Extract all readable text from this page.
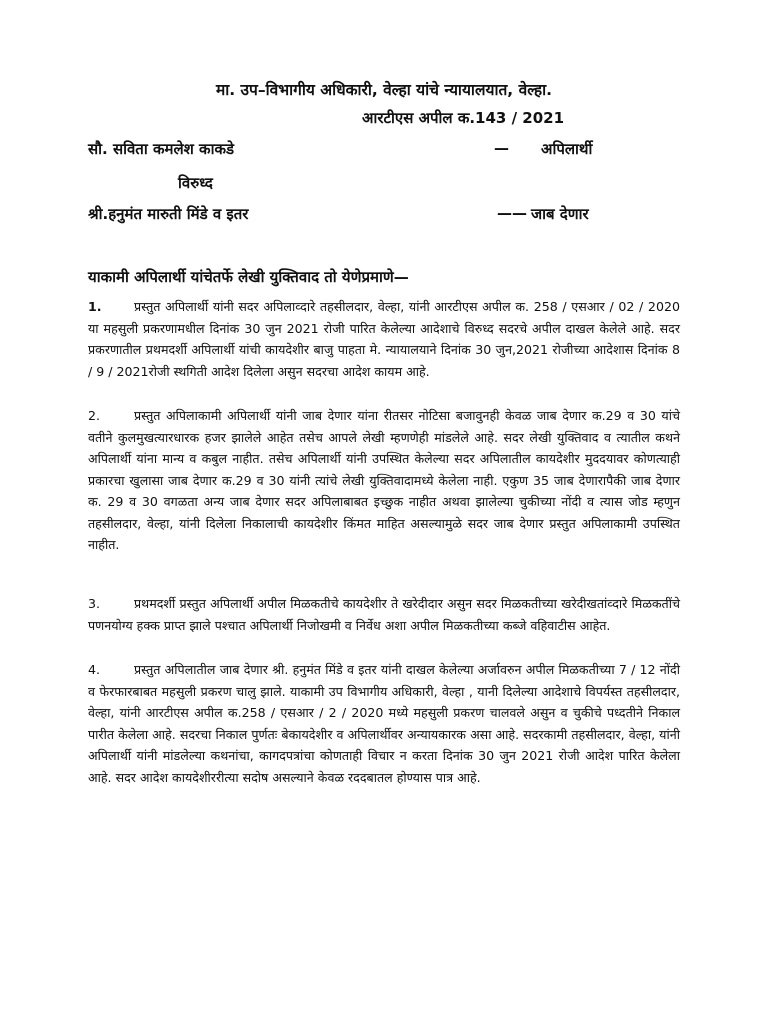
मा. उप–विभागीय अधिकारी, वेल्हा यांचे न्यायालयात, वेल्हा.
आरटीएस अपील क.143 / 2021
सौ. सविता कमलेश काकडे	— अपिलार्थी
विरुध्द
श्री.हनुमंत मारुती मिंडे व इतर	—— जाब देणार
याकामी अपिलार्थी यांचेतर्फे लेखी युक्तिवाद तो येणेप्रमाणे—
1.	प्रस्तुत अपिलार्थी यांनी सदर अपिलाव्दारे तहसीलदार, वेल्हा, यांनी आरटीएस अपील क. 258 / एसआर / 02 / 2020 या महसुली प्रकरणामधील दिनांक 30 जुन 2021 रोजी पारित केलेल्या आदेशाचे विरुध्द सदरचे अपील दाखल केलेले आहे. सदर प्रकरणातील प्रथमदर्शी अपिलार्थी यांची कायदेशीर बाजु पाहता मे. न्यायालयाने दिनांक 30 जुन,2021 रोजीच्या आदेशास दिनांक 8 / 9 / 2021रोजी स्थगिती आदेश दिलेला असुन सदरचा आदेश कायम आहे.
2.	प्रस्तुत अपिलाकामी अपिलार्थी यांनी जाब देणार यांना रीतसर नोटिसा बजावुनही केवळ जाब देणार क.29 व 30 यांचे वतीने कुलमुखत्यारधारक हजर झालेले आहेत तसेच आपले लेखी म्हणणेही मांडलेले आहे. सदर लेखी युक्तिवाद व त्यातील कथने अपिलार्थी यांना मान्य व कबुल नाहीत. तसेच अपिलार्थी यांनी उपस्थित केलेल्या सदर अपिलातील कायदेशीर मुददयावर कोणत्याही प्रकारचा खुलासा जाब देणार क.29 व 30 यांनी त्यांचे लेखी युक्तिवादामध्ये केलेला नाही. एकुण 35 जाब देणारापैकी जाब देणार क. 29 व 30 वगळता अन्य जाब देणार सदर अपिलाबाबत इच्छुक नाहीत अथवा झालेल्या चुकीच्या नोंदी व त्यास जोड म्हणुन तहसीलदार, वेल्हा, यांनी दिलेला निकालाची कायदेशीर किंमत माहित असल्यामुळे सदर जाब देणार प्रस्तुत अपिलाकामी उपस्थित नाहीत.
3.	प्रथमदर्शी प्रस्तुत अपिलार्थी अपील मिळकतीचे कायदेशीर ते खरेदीदार असुन सदर मिळकतीच्या खरेदीखतांव्दारे मिळकतींचे पणनयोग्य हक्क प्राप्त झाले पश्चात अपिलार्थी निजोखमी व निर्वेध अशा अपील मिळकतीच्या कब्जे वहिवाटीस आहेत.
4.	प्रस्तुत अपिलातील जाब देणार श्री. हनुमंत मिंडे व इतर यांनी दाखल केलेल्या अर्जावरुन अपील मिळकतीच्या 7 / 12 नोंदी व फेरफारबाबत महसुली प्रकरण चालु झाले. याकामी उप विभागीय अधिकारी, वेल्हा , यानी दिलेल्या आदेशाचे विपर्यस्त तहसीलदार, वेल्हा, यांनी आरटीएस अपील क.258 / एसआर / 2 / 2020 मध्ये महसुली प्रकरण चालवले असुन व चुकीचे पध्दतीने निकाल पारीत केलेला आहे. सदरचा निकाल पुर्णतः बेकायदेशीर व अपिलार्थीवर अन्यायकारक असा आहे. सदरकामी तहसीलदार, वेल्हा, यांनी अपिलार्थी यांनी मांडलेल्या कथनांचा, कागदपत्रांचा कोणताही विचार न करता दिनांक 30 जुन 2021 रोजी आदेश पारित केलेला आहे. सदर आदेश कायदेशीररीत्या सदोष असल्याने केवळ रददबातल होण्यास पात्र आहे.
